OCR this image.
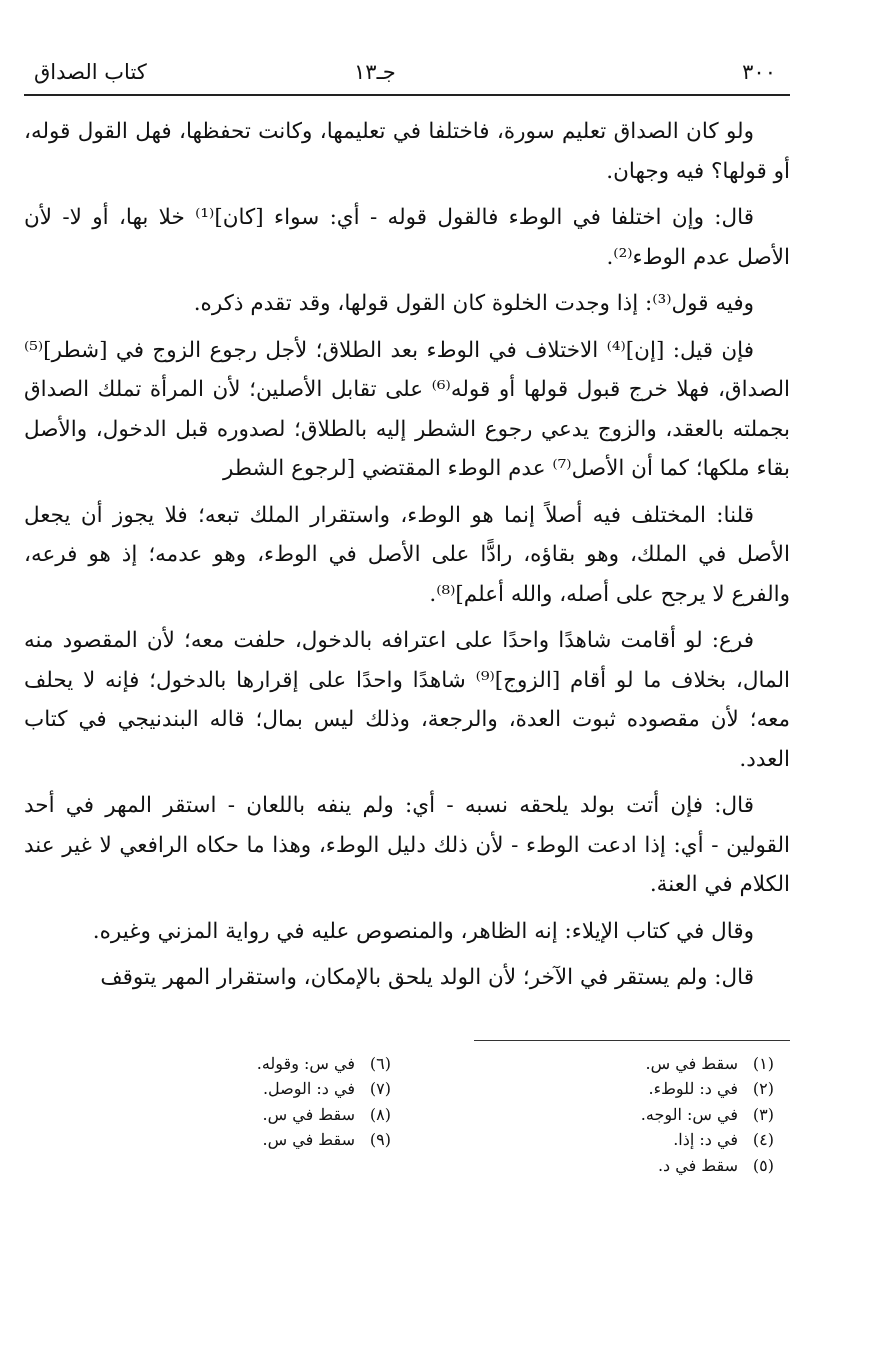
٣٠٠
جـ١٣
كتاب الصداق

ولو كان الصداق تعليم سورة، فاختلفا في تعليمها، وكانت تحفظها، فهل القول قوله، أو قولها؟ فيه وجهان.

قال: وإن اختلفا في الوطء فالقول قوله - أي: سواء [كان]⁽¹⁾ خلا بها، أو لا- لأن الأصل عدم الوطء⁽²⁾.

وفيه قول⁽³⁾: إذا وجدت الخلوة كان القول قولها، وقد تقدم ذكره.

فإن قيل: [إن]⁽⁴⁾ الاختلاف في الوطء بعد الطلاق؛ لأجل رجوع الزوج في [شطر]⁽⁵⁾ الصداق، فهلا خرج قبول قولها أو قوله⁽⁶⁾ على تقابل الأصلين؛ لأن المرأة تملك الصداق بجملته بالعقد، والزوج يدعي رجوع الشطر إليه بالطلاق؛ لصدوره قبل الدخول، والأصل بقاء ملكها؛ كما أن الأصل⁽⁷⁾ عدم الوطء المقتضي [لرجوع الشطر

قلنا: المختلف فيه أصلاً إنما هو الوطء، واستقرار الملك تبعه؛ فلا يجوز أن يجعل الأصل في الملك، وهو بقاؤه، رادًّا على الأصل في الوطء، وهو عدمه؛ إذ هو فرعه، والفرع لا يرجح على أصله، والله أعلم]⁽⁸⁾.

فرع: لو أقامت شاهدًا واحدًا على اعترافه بالدخول، حلفت معه؛ لأن المقصود منه المال، بخلاف ما لو أقام [الزوج]⁽⁹⁾ شاهدًا واحدًا على إقرارها بالدخول؛ فإنه لا يحلف معه؛ لأن مقصوده ثبوت العدة، والرجعة، وذلك ليس بمال؛ قاله البندنيجي في كتاب العدد.

قال: فإن أتت بولد يلحقه نسبه - أي: ولم ينفه باللعان - استقر المهر في أحد القولين - أي: إذا ادعت الوطء - لأن ذلك دليل الوطء، وهذا ما حكاه الرافعي لا غير عند الكلام في العنة.

وقال في كتاب الإيلاء: إنه الظاهر، والمنصوص عليه في رواية المزني وغيره.

قال: ولم يستقر في الآخر؛ لأن الولد يلحق بالإمكان، واستقرار المهر يتوقف

(١)سقط في س.
(٢)في د: للوطء.
(٣)في س: الوجه.
(٤)في د: إذا.
(٥)سقط في د.
(٦)في س: وقوله.
(٧)في د: الوصل.
(٨)سقط في س.
(٩)سقط في س.
